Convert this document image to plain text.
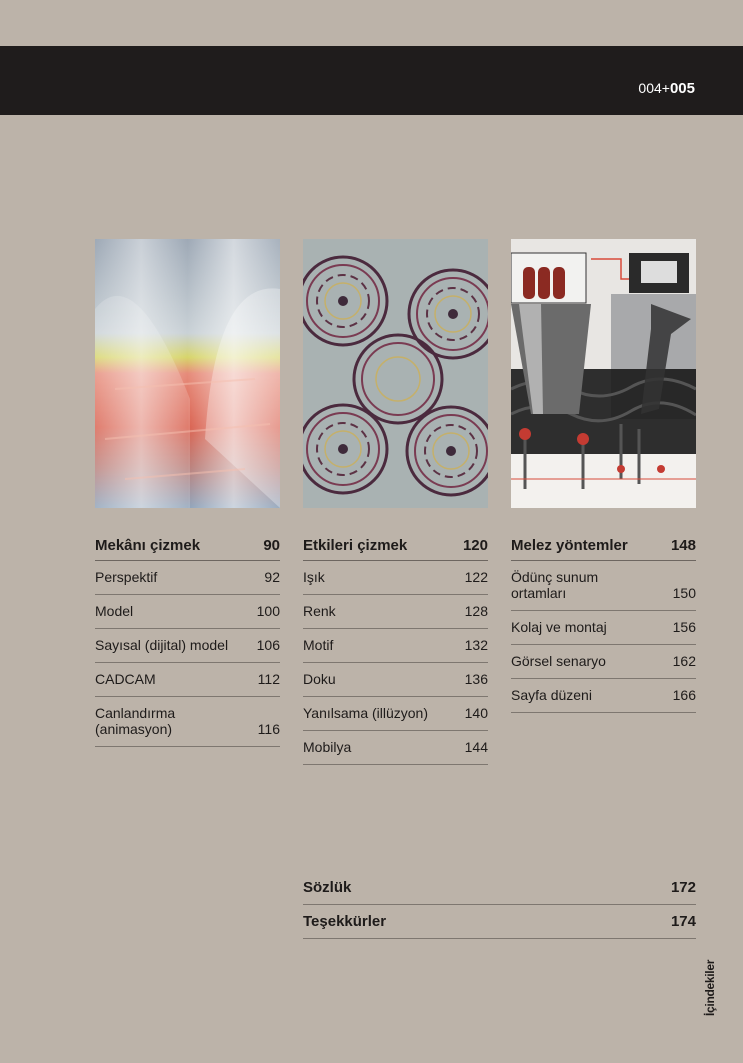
004+005
Mekânı çizmek	90
Perspektif	92
Model	100
Sayısal (dijital) model	106
CADCAM	112
Canlandırma (animasyon)	116
Etkileri çizmek	120
Işık	122
Renk	128
Motif	132
Doku	136
Yanılsama (illüzyon)	140
Mobilya	144
Melez yöntemler	148
Ödünç sunum ortamları	150
Kolaj ve montaj	156
Görsel senaryo	162
Sayfa düzeni	166
Sözlük	172
Teşekkürler	174
İçindekiler
